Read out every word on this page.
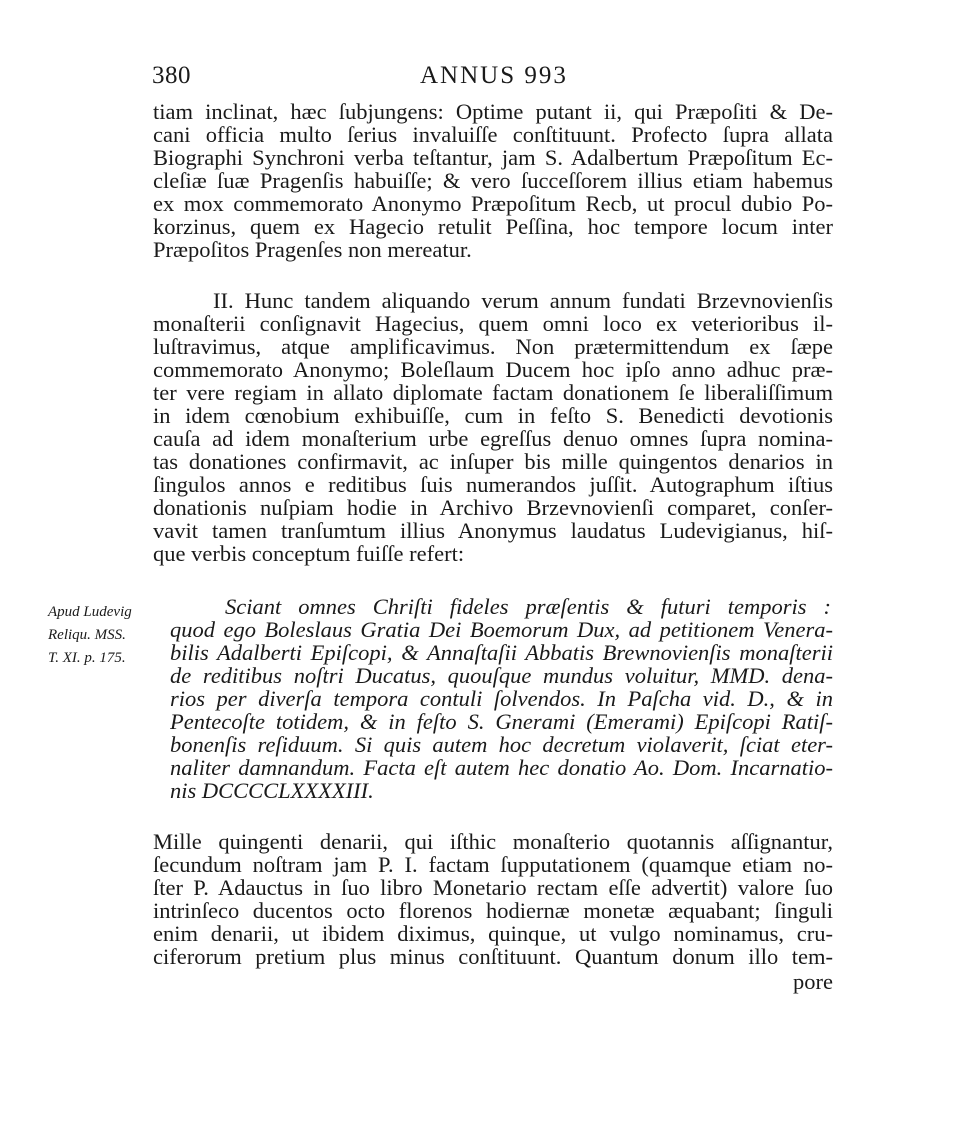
380	ANNUS 993
tiam inclinat, hæc ſubjungens: Optime putant ii, qui Præpoſiti & De-
cani officia multo ſerius invaluiſſe conſtituunt. Profecto ſupra allata
Biographi Synchroni verba teſtantur, jam S. Adalbertum Præpoſitum Ec-
cleſiæ ſuæ Pragenſis habuiſſe; & vero ſucceſſorem illius etiam habemus
ex mox commemorato Anonymo Præpoſitum Recb, ut procul dubio Po-
korzinus, quem ex Hagecio retulit Peſſina, hoc tempore locum inter
Præpoſitos Pragenſes non mereatur.
II. Hunc tandem aliquando verum annum fundati Brzevnovienſis
monaſterii conſignavit Hagecius, quem omni loco ex veterioribus il-
luſtravimus, atque amplificavimus. Non prætermittendum ex ſæpe
commemorato Anonymo; Boleſlaum Ducem hoc ipſo anno adhuc præ-
ter vere regiam in allato diplomate factam donationem ſe liberaliſſimum
in idem cœnobium exhibuiſſe, cum in feſto S. Benedicti devotionis
cauſa ad idem monaſterium urbe egreſſus denuo omnes ſupra nomina-
tas donationes confirmavit, ac inſuper bis mille quingentos denarios in
ſingulos annos e reditibus ſuis numerandos juſſit. Autographum iſtius
donationis nuſpiam hodie in Archivo Brzevnovienſi comparet, conſer-
vavit tamen tranſumtum illius Anonymus laudatus Ludevigianus, hiſ-
que verbis conceptum fuiſſe refert:
Apud Ludevig
Reliqu. MSS.
T. XI. p. 175.
Sciant omnes Chriſti fideles præſentis & futuri temporis :
quod ego Boleslaus Gratia Dei Boemorum Dux, ad petitionem Venera-
bilis Adalberti Epiſcopi, & Annaſtaſii Abbatis Brewnovienſis monaſterii
de reditibus noſtri Ducatus, quouſque mundus voluitur, MMD. dena-
rios per diverſa tempora contuli ſolvendos. In Paſcha vid. D., & in
Pentecoſte totidem, & in feſto S. Gnerami (Emerami) Epiſcopi Ratiſ-
bonenſis reſiduum. Si quis autem hoc decretum violaverit, ſciat eter-
naliter damnandum. Facta eſt autem hec donatio Ao. Dom. Incarnatio-
nis DCCCCLXXXXIII.
Mille quingenti denarii, qui iſthic monaſterio quotannis aſſignantur,
ſecundum noſtram jam P. I. factam ſupputationem (quamque etiam no-
ſter P. Adauctus in ſuo libro Monetario rectam eſſe advertit) valore ſuo
intrinſeco ducentos octo florenos hodiernæ monetæ æquabant; ſinguli
enim denarii, ut ibidem diximus, quinque, ut vulgo nominamus, cru-
ciferorum pretium plus minus conſtituunt. Quantum donum illo tem-
pore
